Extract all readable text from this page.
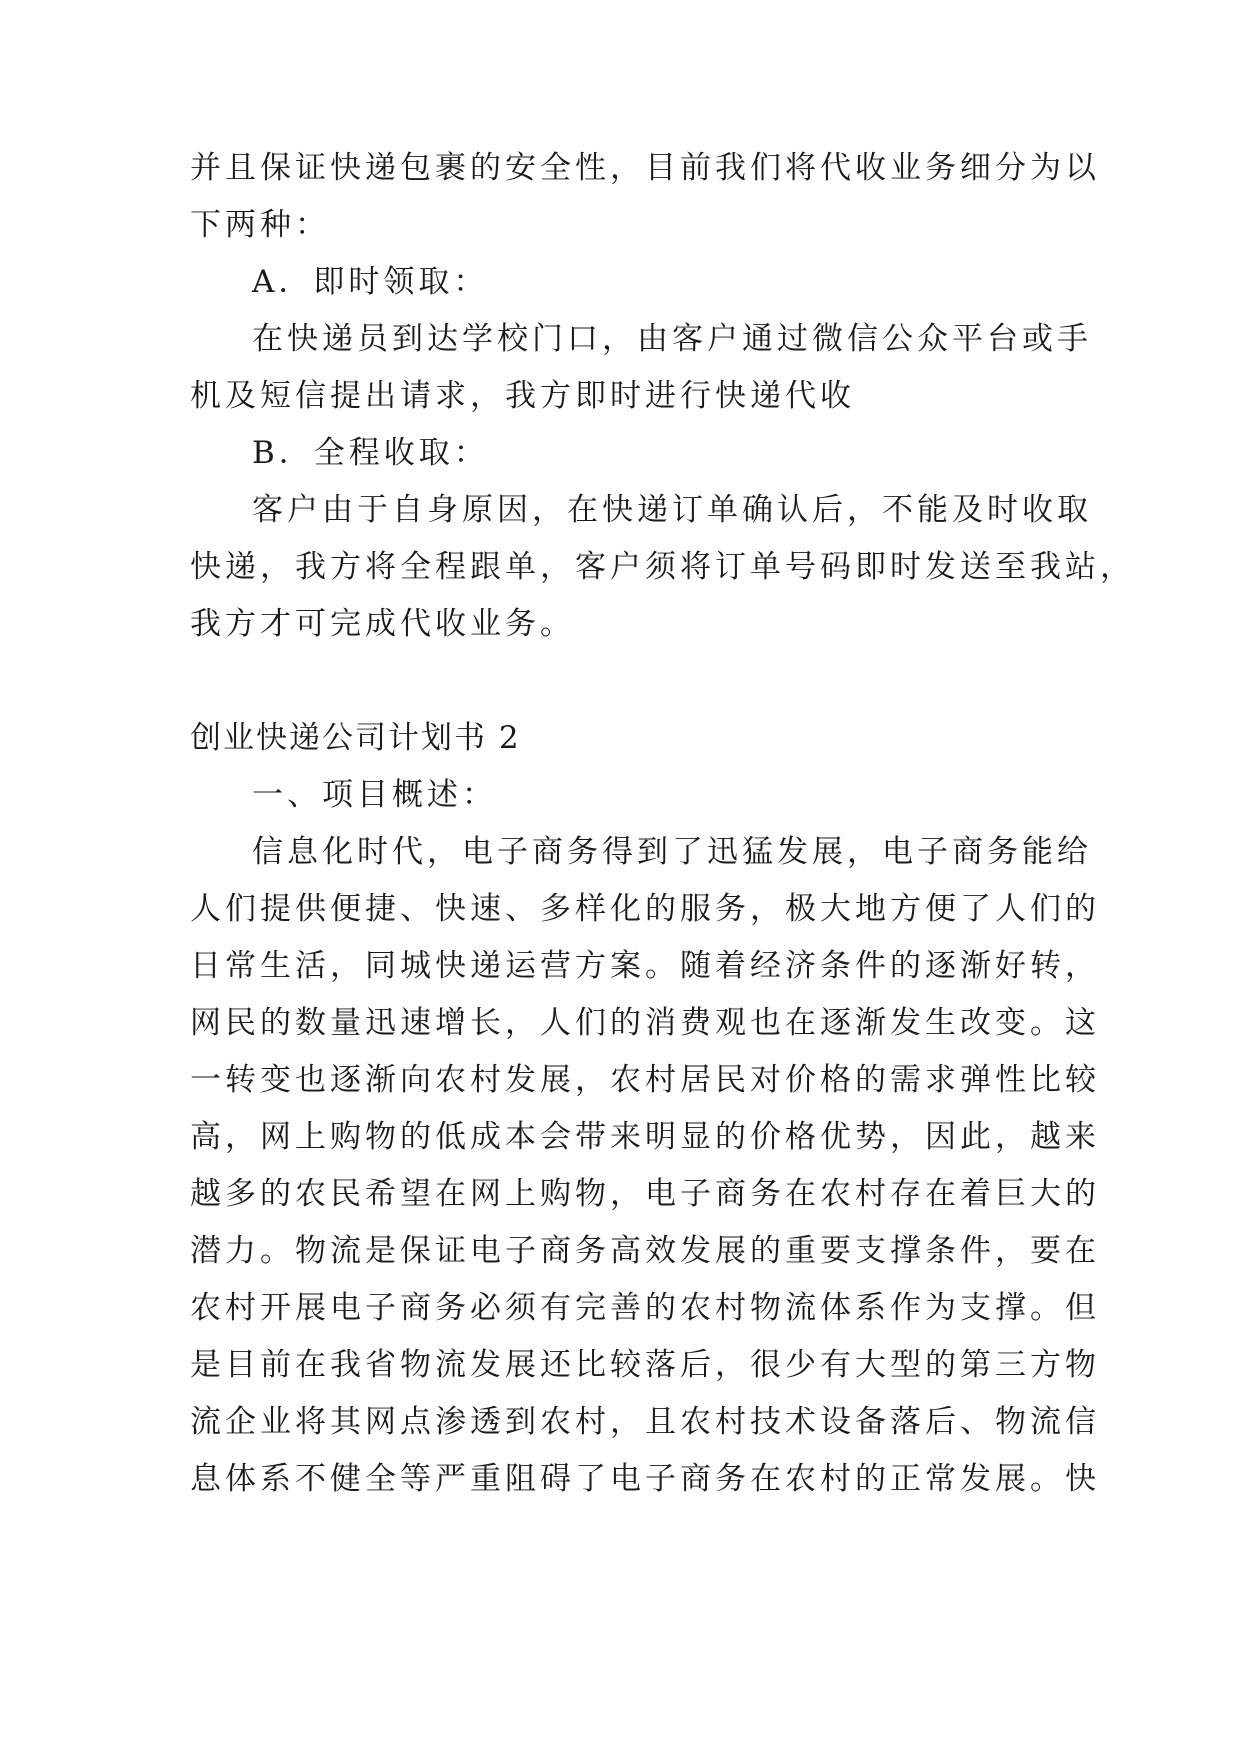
并且保证快递包裹的安全性，目前我们将代收业务细分为以
下两种：
A．即时领取：
在快递员到达学校门口，由客户通过微信公众平台或手
机及短信提出请求，我方即时进行快递代收
B．全程收取：
客户由于自身原因，在快递订单确认后，不能及时收取
快递，我方将全程跟单，客户须将订单号码即时发送至我站，
我方才可完成代收业务。
创业快递公司计划书 2
一、项目概述：
信息化时代，电子商务得到了迅猛发展，电子商务能给
人们提供便捷、快速、多样化的服务，极大地方便了人们的
日常生活，同城快递运营方案。随着经济条件的逐渐好转，
网民的数量迅速增长，人们的消费观也在逐渐发生改变。这
一转变也逐渐向农村发展，农村居民对价格的需求弹性比较
高，网上购物的低成本会带来明显的价格优势，因此，越来
越多的农民希望在网上购物，电子商务在农村存在着巨大的
潜力。物流是保证电子商务高效发展的重要支撑条件，要在
农村开展电子商务必须有完善的农村物流体系作为支撑。但
是目前在我省物流发展还比较落后，很少有大型的第三方物
流企业将其网点渗透到农村，且农村技术设备落后、物流信
息体系不健全等严重阻碍了电子商务在农村的正常发展。快
